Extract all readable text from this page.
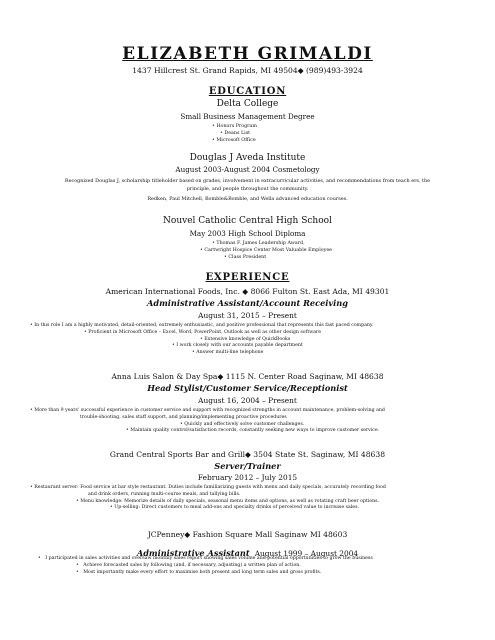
ELIZABETH GRIMALDI
1437 Hillcrest St. Grand Rapids, MI 49504◆ (989)493-3924
EDUCATION
Delta College
Small Business Management Degree
• Honors Program
• Deans List
• Microsoft Office
Douglas J Aveda Institute
August 2003-August 2004 Cosmetology
Recognized Douglas J, scholarship titleholder based on grades, involvement in extracurricular activities, and recommendations from teach ers, the
principle, and people throughout the community.
Redken, Paul Mitchell, Bomble&Bomble, and Wella advanced education courses.
Nouvel Catholic Central High School
May 2003 High School Diploma
• Thomas F. James Leadership Award,
• Cartwright Hospice Center Most Valuable Employee
• Class President
EXPERIENCE
American International Foods, Inc. ◆ 8066 Fulton St. East Ada, MI 49301
Administrative Assistant/Account Receiving
August 31, 2015 – Present
• In this role I am a highly motivated, detail-oriented, extremely enthusiastic, and positive professional that represents this fast paced company.
• Proficient in Microsoft Office – Excel, Word, PowerPoint, Outlook as well as other design software
• Extensive knowledge of QuickBooks
• I work closely with our accounts payable department
• Answer multi-line telephone
Anna Luis Salon & Day Spa◆ 1115 N. Center Road Saginaw, MI 48638
Head Stylist/Customer Service/Receptionist
August 16, 2004 – Present
• More than 9 years' successful experience in customer service and support with recognized strengths in account maintenance, problem-solving and
trouble-shooting, sales staff support, and planning/implementing proactive procedures
• Quickly and effectively solve customer challenges.
• Maintain quality control/satisfaction records, constantly seeking new ways to improve customer service.
Grand Central Sports Bar and Grill◆ 3504 State St. Saginaw, MI 48638
Server/Trainer
February 2012 – July 2015
• Restaurant server: Food service at bar style restaurant. Duties include familiarizing guests with menu and daily specials, accurately recording food
and drink orders, running multi-course meals, and tallying bills.
• Menu knowledge: Memorize details of daily specials, seasonal menu items and options, as well as rotating craft beer options.
• Up-selling: Direct customers to meal add-ons and specialty drinks of perceived value to increase sales.
JCPenney◆ Fashion Square Mall Saginaw MI 48603
Administrative Assistant August 1999 – August 2004
• I participated in sales activities and oversaw monthly sales report showing sales volume and potential opportunities to grow the business
• Achieve forecasted sales by following (and, if necessary, adjusting) a written plan of action.
• Most importantly make every effort to maximise both present and long term sales and gross profits.
